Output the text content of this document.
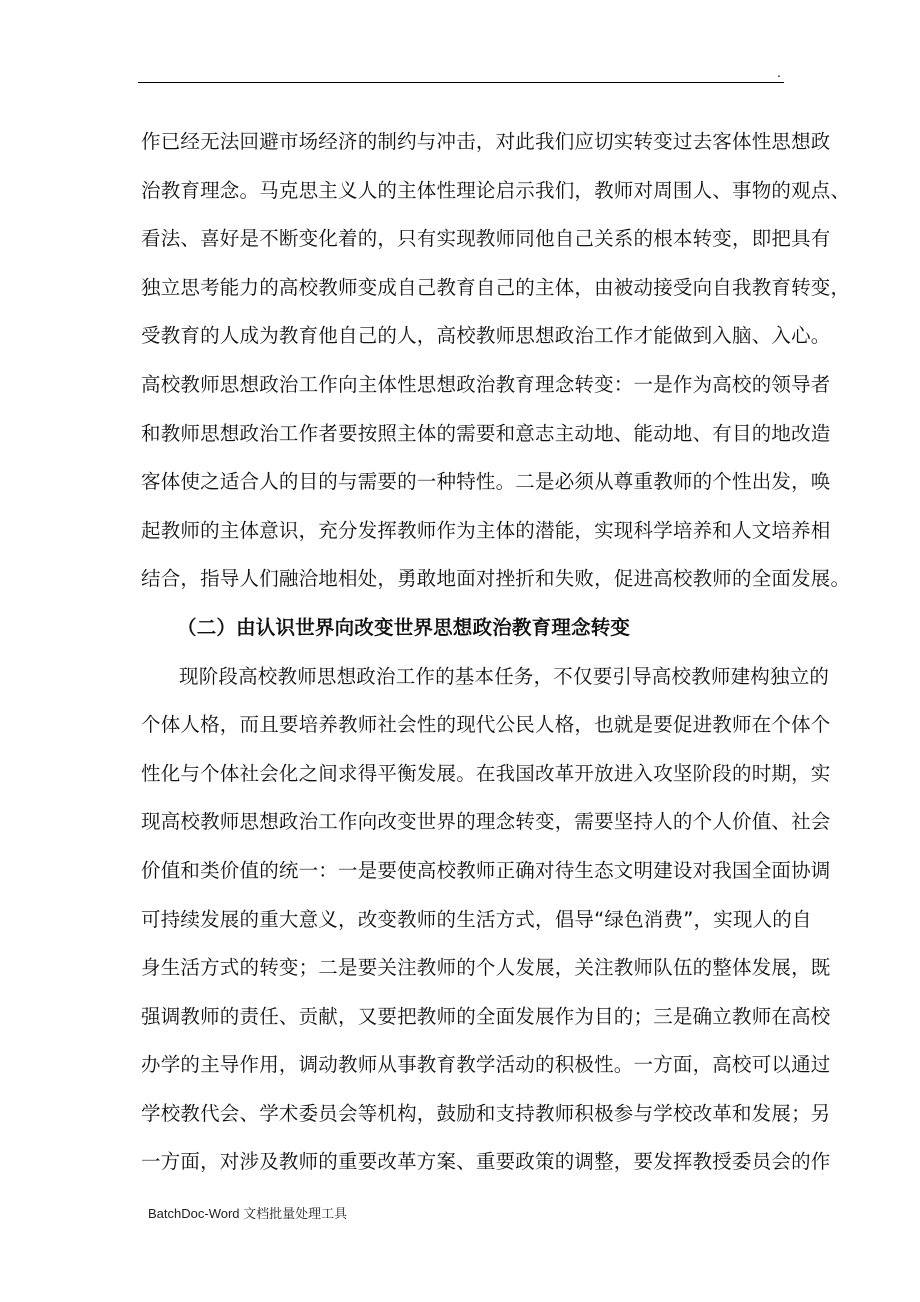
.
作已经无法回避市场经济的制约与冲击，对此我们应切实转变过去客体性思想政
治教育理念。马克思主义人的主体性理论启示我们，教师对周围人、事物的观点、
看法、喜好是不断变化着的，只有实现教师同他自己关系的根本转变，即把具有
独立思考能力的高校教师变成自己教育自己的主体，由被动接受向自我教育转变，
受教育的人成为教育他自己的人，高校教师思想政治工作才能做到入脑、入心。
高校教师思想政治工作向主体性思想政治教育理念转变：一是作为高校的领导者
和教师思想政治工作者要按照主体的需要和意志主动地、能动地、有目的地改造
客体使之适合人的目的与需要的一种特性。二是必须从尊重教师的个性出发，唤
起教师的主体意识，充分发挥教师作为主体的潜能，实现科学培养和人文培养相
结合，指导人们融洽地相处，勇敢地面对挫折和失败，促进高校教师的全面发展。
（二）由认识世界向改变世界思想政治教育理念转变
现阶段高校教师思想政治工作的基本任务，不仅要引导高校教师建构独立的
个体人格，而且要培养教师社会性的现代公民人格，也就是要促进教师在个体个
性化与个体社会化之间求得平衡发展。在我国改革开放进入攻坚阶段的时期，实
现高校教师思想政治工作向改变世界的理念转变，需要坚持人的个人价值、社会
价值和类价值的统一：一是要使高校教师正确对待生态文明建设对我国全面协调
可持续发展的重大意义，改变教师的生活方式，倡导“绿色消费”，实现人的自
身生活方式的转变；二是要关注教师的个人发展，关注教师队伍的整体发展，既
强调教师的责任、贡献，又要把教师的全面发展作为目的；三是确立教师在高校
办学的主导作用，调动教师从事教育教学活动的积极性。一方面，高校可以通过
学校教代会、学术委员会等机构，鼓励和支持教师积极参与学校改革和发展；另
一方面，对涉及教师的重要改革方案、重要政策的调整，要发挥教授委员会的作
BatchDoc-Word 文档批量处理工具
